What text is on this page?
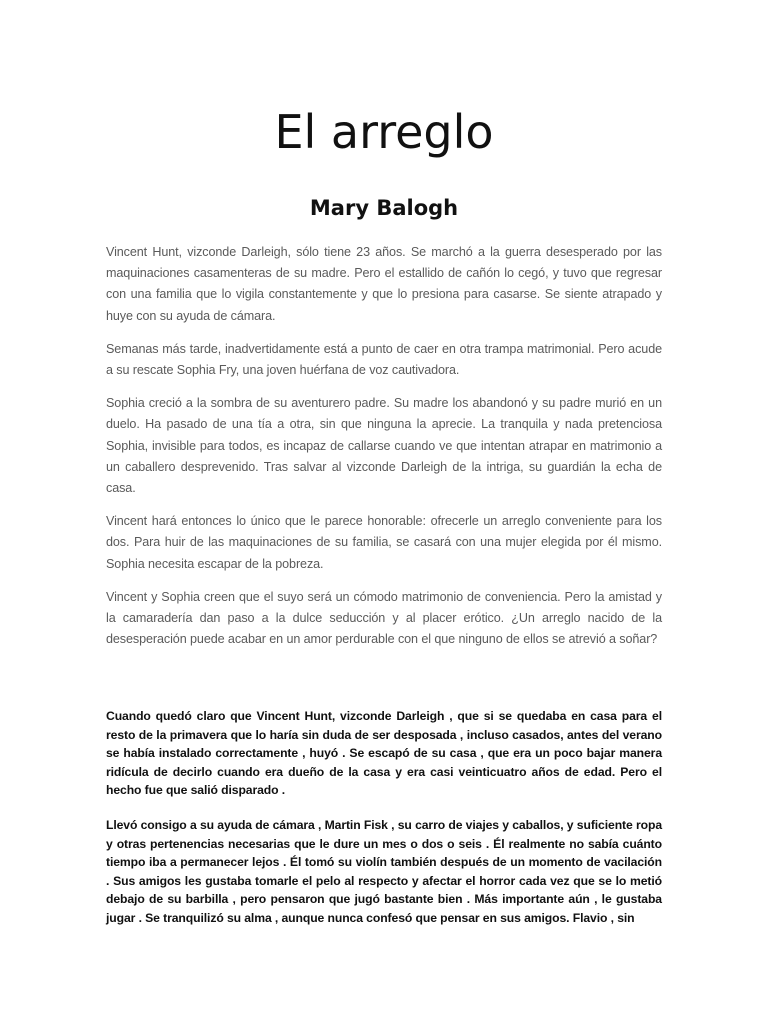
El arreglo
Mary Balogh

Vincent Hunt, vizconde Darleigh, sólo tiene 23 años. Se marchó a la guerra desesperado por las maquinaciones casamenteras de su madre. Pero el estallido de cañón lo cegó, y tuvo que regresar con una familia que lo vigila constantemente y que lo presiona para casarse. Se siente atrapado y huye con su ayuda de cámara.

Semanas más tarde, inadvertidamente está a punto de caer en otra trampa matrimonial. Pero acude a su rescate Sophia Fry, una joven huérfana de voz cautivadora.

Sophia creció a la sombra de su aventurero padre. Su madre los abandonó y su padre murió en un duelo. Ha pasado de una tía a otra, sin que ninguna la aprecie. La tranquila y nada pretenciosa Sophia, invisible para todos, es incapaz de callarse cuando ve que intentan atrapar en matrimonio a un caballero desprevenido. Tras salvar al vizconde Darleigh de la intriga, su guardián la echa de casa.

Vincent hará entonces lo único que le parece honorable: ofrecerle un arreglo conveniente para los dos. Para huir de las maquinaciones de su familia, se casará con una mujer elegida por él mismo. Sophia necesita escapar de la pobreza.

Vincent y Sophia creen que el suyo será un cómodo matrimonio de conveniencia. Pero la amistad y la camaradería dan paso a la dulce seducción y al placer erótico. ¿Un arreglo nacido de la desesperación puede acabar en un amor perdurable con el que ninguno de ellos se atrevió a soñar?

Cuando quedó claro que Vincent Hunt, vizconde Darleigh , que si se quedaba en casa para el resto de la primavera que lo haría sin duda de ser desposada , incluso casados, antes del verano se había instalado correctamente , huyó . Se escapó de su casa , que era un poco bajar manera ridícula de decirlo cuando era dueño de la casa y era casi veinticuatro años de edad. Pero el hecho fue que salió disparado .

Llevó consigo a su ayuda de cámara , Martin Fisk , su carro de viajes y caballos, y suficiente ropa y otras pertenencias necesarias que le dure un mes o dos o seis . Él realmente no sabía cuánto tiempo iba a permanecer lejos . Él tomó su violín también después de un momento de vacilación . Sus amigos les gustaba tomarle el pelo al respecto y afectar el horror cada vez que se lo metió debajo de su barbilla , pero pensaron que jugó bastante bien . Más importante aún , le gustaba jugar . Se tranquilizó su alma , aunque nunca confesó que pensar en sus amigos. Flavio , sin
